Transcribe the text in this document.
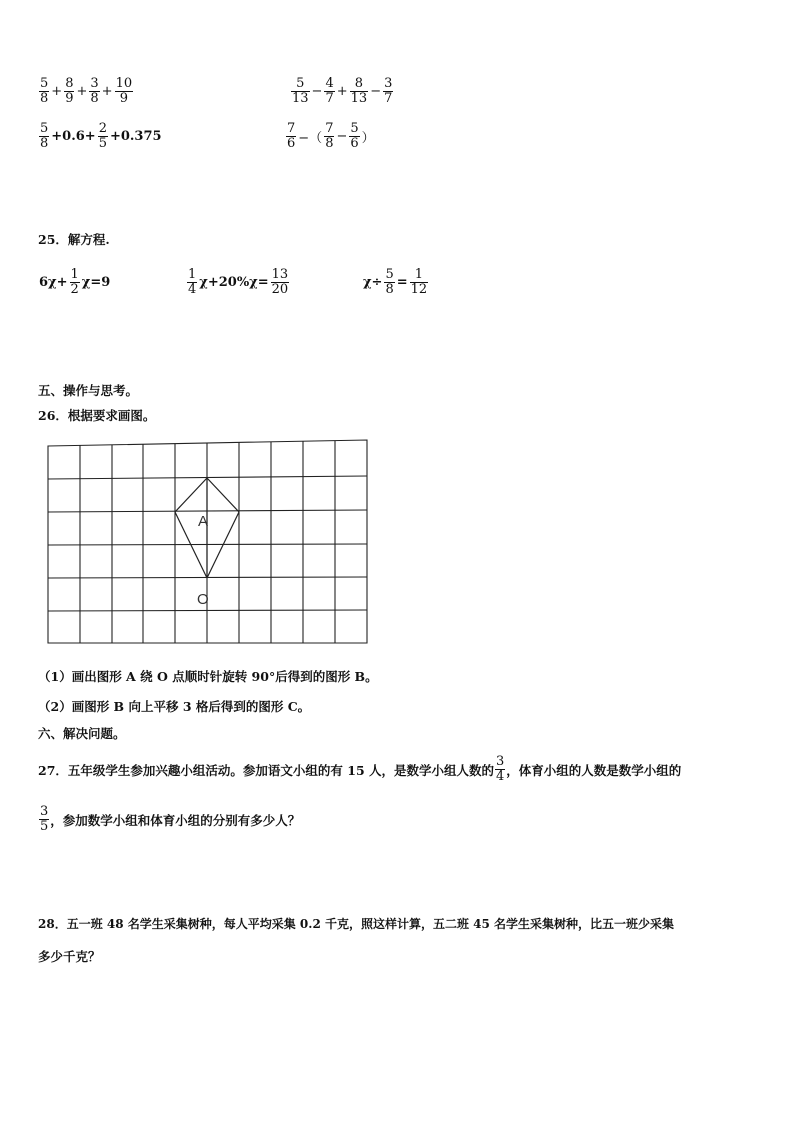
$\frac{5}{8} + \frac{8}{9} + \frac{3}{8} + \frac{10}{9}$	$\frac{5}{13} - \frac{4}{7} + \frac{8}{13} - \frac{3}{7}$
$\frac{5}{8} +0.6+ \frac{2}{5} +0.375$	$\frac{7}{6}$ −（ $\frac{7}{8} - \frac{5}{6}$ ）
25．解方程.
$6\chi+ \frac{1}{2} \chi=9$	$\frac{1}{4} \chi+20\%\chi= \frac{13}{20}$	$\chi\div \frac{5}{8} = \frac{1}{12}$
五、操作与思考。
26．根据要求画图。
A
O
（1）画出图形 A 绕 O 点顺时针旋转 90°后得到的图形 B。
（2）画图形 B 向上平移 3 格后得到的图形 C。
六、解决问题。
27．五年级学生参加兴趣小组活动。参加语文小组的有 15 人，是数学小组人数的 $\frac{3}{4}$ ，体育小组的人数是数学小组的
$\frac{3}{5}$ ，参加数学小组和体育小组的分别有多少人？
28．五一班 48 名学生采集树种，每人平均采集 0.2 千克，照这样计算，五二班 45 名学生采集树种，比五一班少采集
多少千克？
